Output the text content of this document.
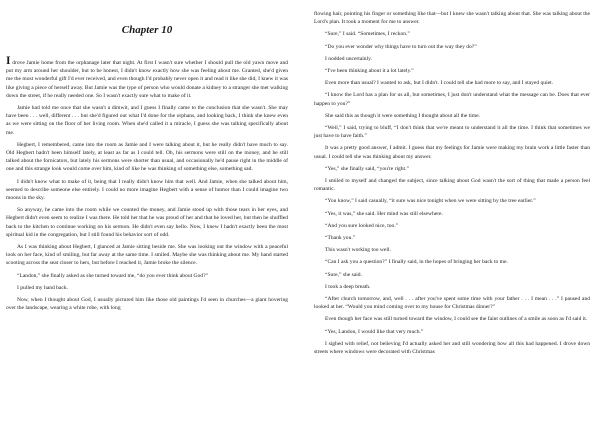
Chapter 10

I drove Jamie home from the orphanage later that night. At first I wasn't sure whether I should pull the old yawn move and put my arm around her shoulder, but to be honest, I didn't know exactly how she was feeling about me. Granted, she'd given me the most wonderful gift I'd ever received, and even though I'd probably never open it and read it like she did, I knew it was like giving a piece of herself away. But Jamie was the type of person who would donate a kidney to a stranger she met walking down the street, if he really needed one. So I wasn't exactly sure what to make of it.

Jamie had told me once that she wasn't a dimwit, and I guess I finally came to the conclusion that she wasn't. She may have been . . . well, different . . . but she'd figured out what I'd done for the orphans, and looking back, I think she knew even as we were sitting on the floor of her living room. When she'd called it a miracle, I guess she was talking specifically about me.

Hegbert, I remembered, came into the room as Jamie and I were talking about it, but he really didn't have much to say. Old Hegbert hadn't been himself lately, at least as far as I could tell. Oh, his sermons were still on the money, and he still talked about the fornicators, but lately his sermons were shorter than usual, and occasionally he'd pause right in the middle of one and this strange look would come over him, kind of like he was thinking of something else, something sad.

I didn't know what to make of it, being that I really didn't know him that well. And Jamie, when she talked about him, seemed to describe someone else entirely. I could no more imagine Hegbert with a sense of humor than I could imagine two moons in the sky.

So anyway, he came into the room while we counted the money, and Jamie stood up with those tears in her eyes, and Hegbert didn't even seem to realize I was there. He told her that he was proud of her and that he loved her, but then he shuffled back to the kitchen to continue working on his sermon. He didn't even say hello. Now, I knew I hadn't exactly been the most spiritual kid in the congregation, but I still found his behavior sort of odd.

As I was thinking about Hegbert, I glanced at Jamie sitting beside me. She was looking out the window with a peaceful look on her face, kind of smiling, but far away at the same time. I smiled. Maybe she was thinking about me. My hand started scooting across the seat closer to hers, but before I reached it, Jamie broke the silence.

“Landon,” she finally asked as she turned toward me, “do you ever think about God?”

I pulled my hand back.

Now, when I thought about God, I usually pictured him like those old paintings I'd seen in churches—a giant hovering over the landscape, wearing a white robe, with long

flowing hair, pointing his finger or something like that—but I knew she wasn't talking about that. She was talking about the Lord's plan. It took a moment for me to answer.

“Sure,” I said. “Sometimes, I reckon.”

“Do you ever wonder why things have to turn out the way they do?”

I nodded uncertainly.

“I've been thinking about it a lot lately.”

Even more than usual? I wanted to ask, but I didn't. I could tell she had more to say, and I stayed quiet.

“I know the Lord has a plan for us all, but sometimes, I just don't understand what the message can be. Does that ever happen to you?”

She said this as though it were something I thought about all the time.

“Well,” I said, trying to bluff, “I don't think that we're meant to understand it all the time. I think that sometimes we just have to have faith.”

It was a pretty good answer, I admit. I guess that my feelings for Jamie were making my brain work a little faster than usual. I could tell she was thinking about my answer.

“Yes,” she finally said, “you're right.”

I smiled to myself and changed the subject, since talking about God wasn't the sort of thing that made a person feel romantic.

“You know,” I said casually, “it sure was nice tonight when we were sitting by the tree earlier.”

“Yes, it was,” she said. Her mind was still elsewhere.

“And you sure looked nice, too.”

“Thank you.”

This wasn't working too well.

“Can I ask you a question?” I finally said, in the hopes of bringing her back to me.

“Sure,” she said.

I took a deep breath.

“After church tomorrow, and, well . . . after you've spent some time with your father . . . I mean . . .” I paused and looked at her. “Would you mind coming over to my house for Christmas dinner?”

Even though her face was still turned toward the window, I could see the faint outlines of a smile as soon as I'd said it.

“Yes, Landon, I would like that very much.”

I sighed with relief, not believing I'd actually asked her and still wondering how all this had happened. I drove down streets where windows were decorated with Christmas
